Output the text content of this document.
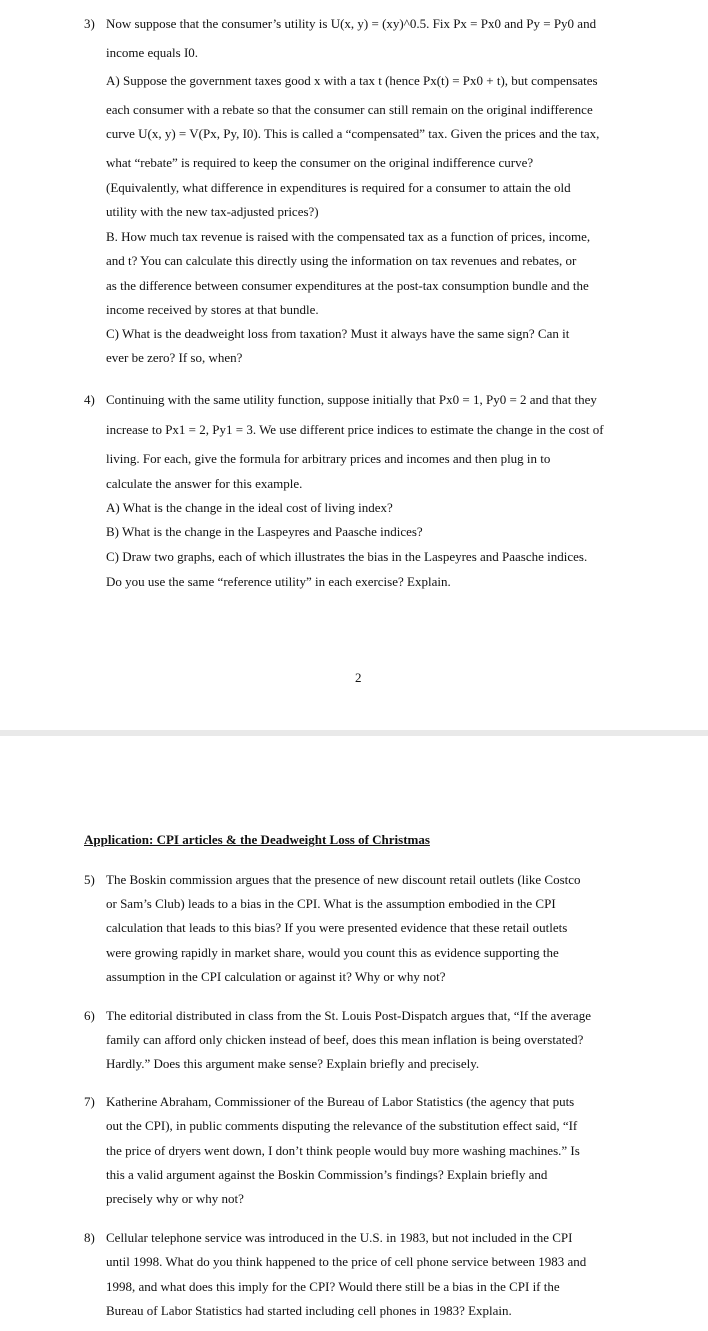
3) Now suppose that the consumer’s utility is U(x, y) = (xy)^0.5. Fix Px = Px0 and Py = Py0 and
income equals I0.
A) Suppose the government taxes good x with a tax t (hence Px(t) = Px0 + t), but compensates
each consumer with a rebate so that the consumer can still remain on the original indifference
curve U(x, y) = V(Px, Py, I0). This is called a “compensated” tax. Given the prices and the tax,
what “rebate” is required to keep the consumer on the original indifference curve?
(Equivalently, what difference in expenditures is required for a consumer to attain the old
utility with the new tax-adjusted prices?)
B. How much tax revenue is raised with the compensated tax as a function of prices, income,
and t? You can calculate this directly using the information on tax revenues and rebates, or
as the difference between consumer expenditures at the post-tax consumption bundle and the
income received by stores at that bundle.
C) What is the deadweight loss from taxation? Must it always have the same sign? Can it
ever be zero? If so, when?
4) Continuing with the same utility function, suppose initially that Px0 = 1, Py0 = 2 and that they
increase to Px1 = 2, Py1 = 3. We use different price indices to estimate the change in the cost of
living. For each, give the formula for arbitrary prices and incomes and then plug in to
calculate the answer for this example.
A) What is the change in the ideal cost of living index?
B) What is the change in the Laspeyres and Paasche indices?
C) Draw two graphs, each of which illustrates the bias in the Laspeyres and Paasche indices.
Do you use the same “reference utility” in each exercise? Explain.
2
Application: CPI articles & the Deadweight Loss of Christmas
5) The Boskin commission argues that the presence of new discount retail outlets (like Costco
or Sam’s Club) leads to a bias in the CPI. What is the assumption embodied in the CPI
calculation that leads to this bias? If you were presented evidence that these retail outlets
were growing rapidly in market share, would you count this as evidence supporting the
assumption in the CPI calculation or against it? Why or why not?
6) The editorial distributed in class from the St. Louis Post-Dispatch argues that, “If the average
family can afford only chicken instead of beef, does this mean inflation is being overstated?
Hardly.” Does this argument make sense? Explain briefly and precisely.
7) Katherine Abraham, Commissioner of the Bureau of Labor Statistics (the agency that puts
out the CPI), in public comments disputing the relevance of the substitution effect said, “If
the price of dryers went down, I don’t think people would buy more washing machines.” Is
this a valid argument against the Boskin Commission’s findings? Explain briefly and
precisely why or why not?
8) Cellular telephone service was introduced in the U.S. in 1983, but not included in the CPI
until 1998. What do you think happened to the price of cell phone service between 1983 and
1998, and what does this imply for the CPI? Would there still be a bias in the CPI if the
Bureau of Labor Statistics had started including cell phones in 1983? Explain.
